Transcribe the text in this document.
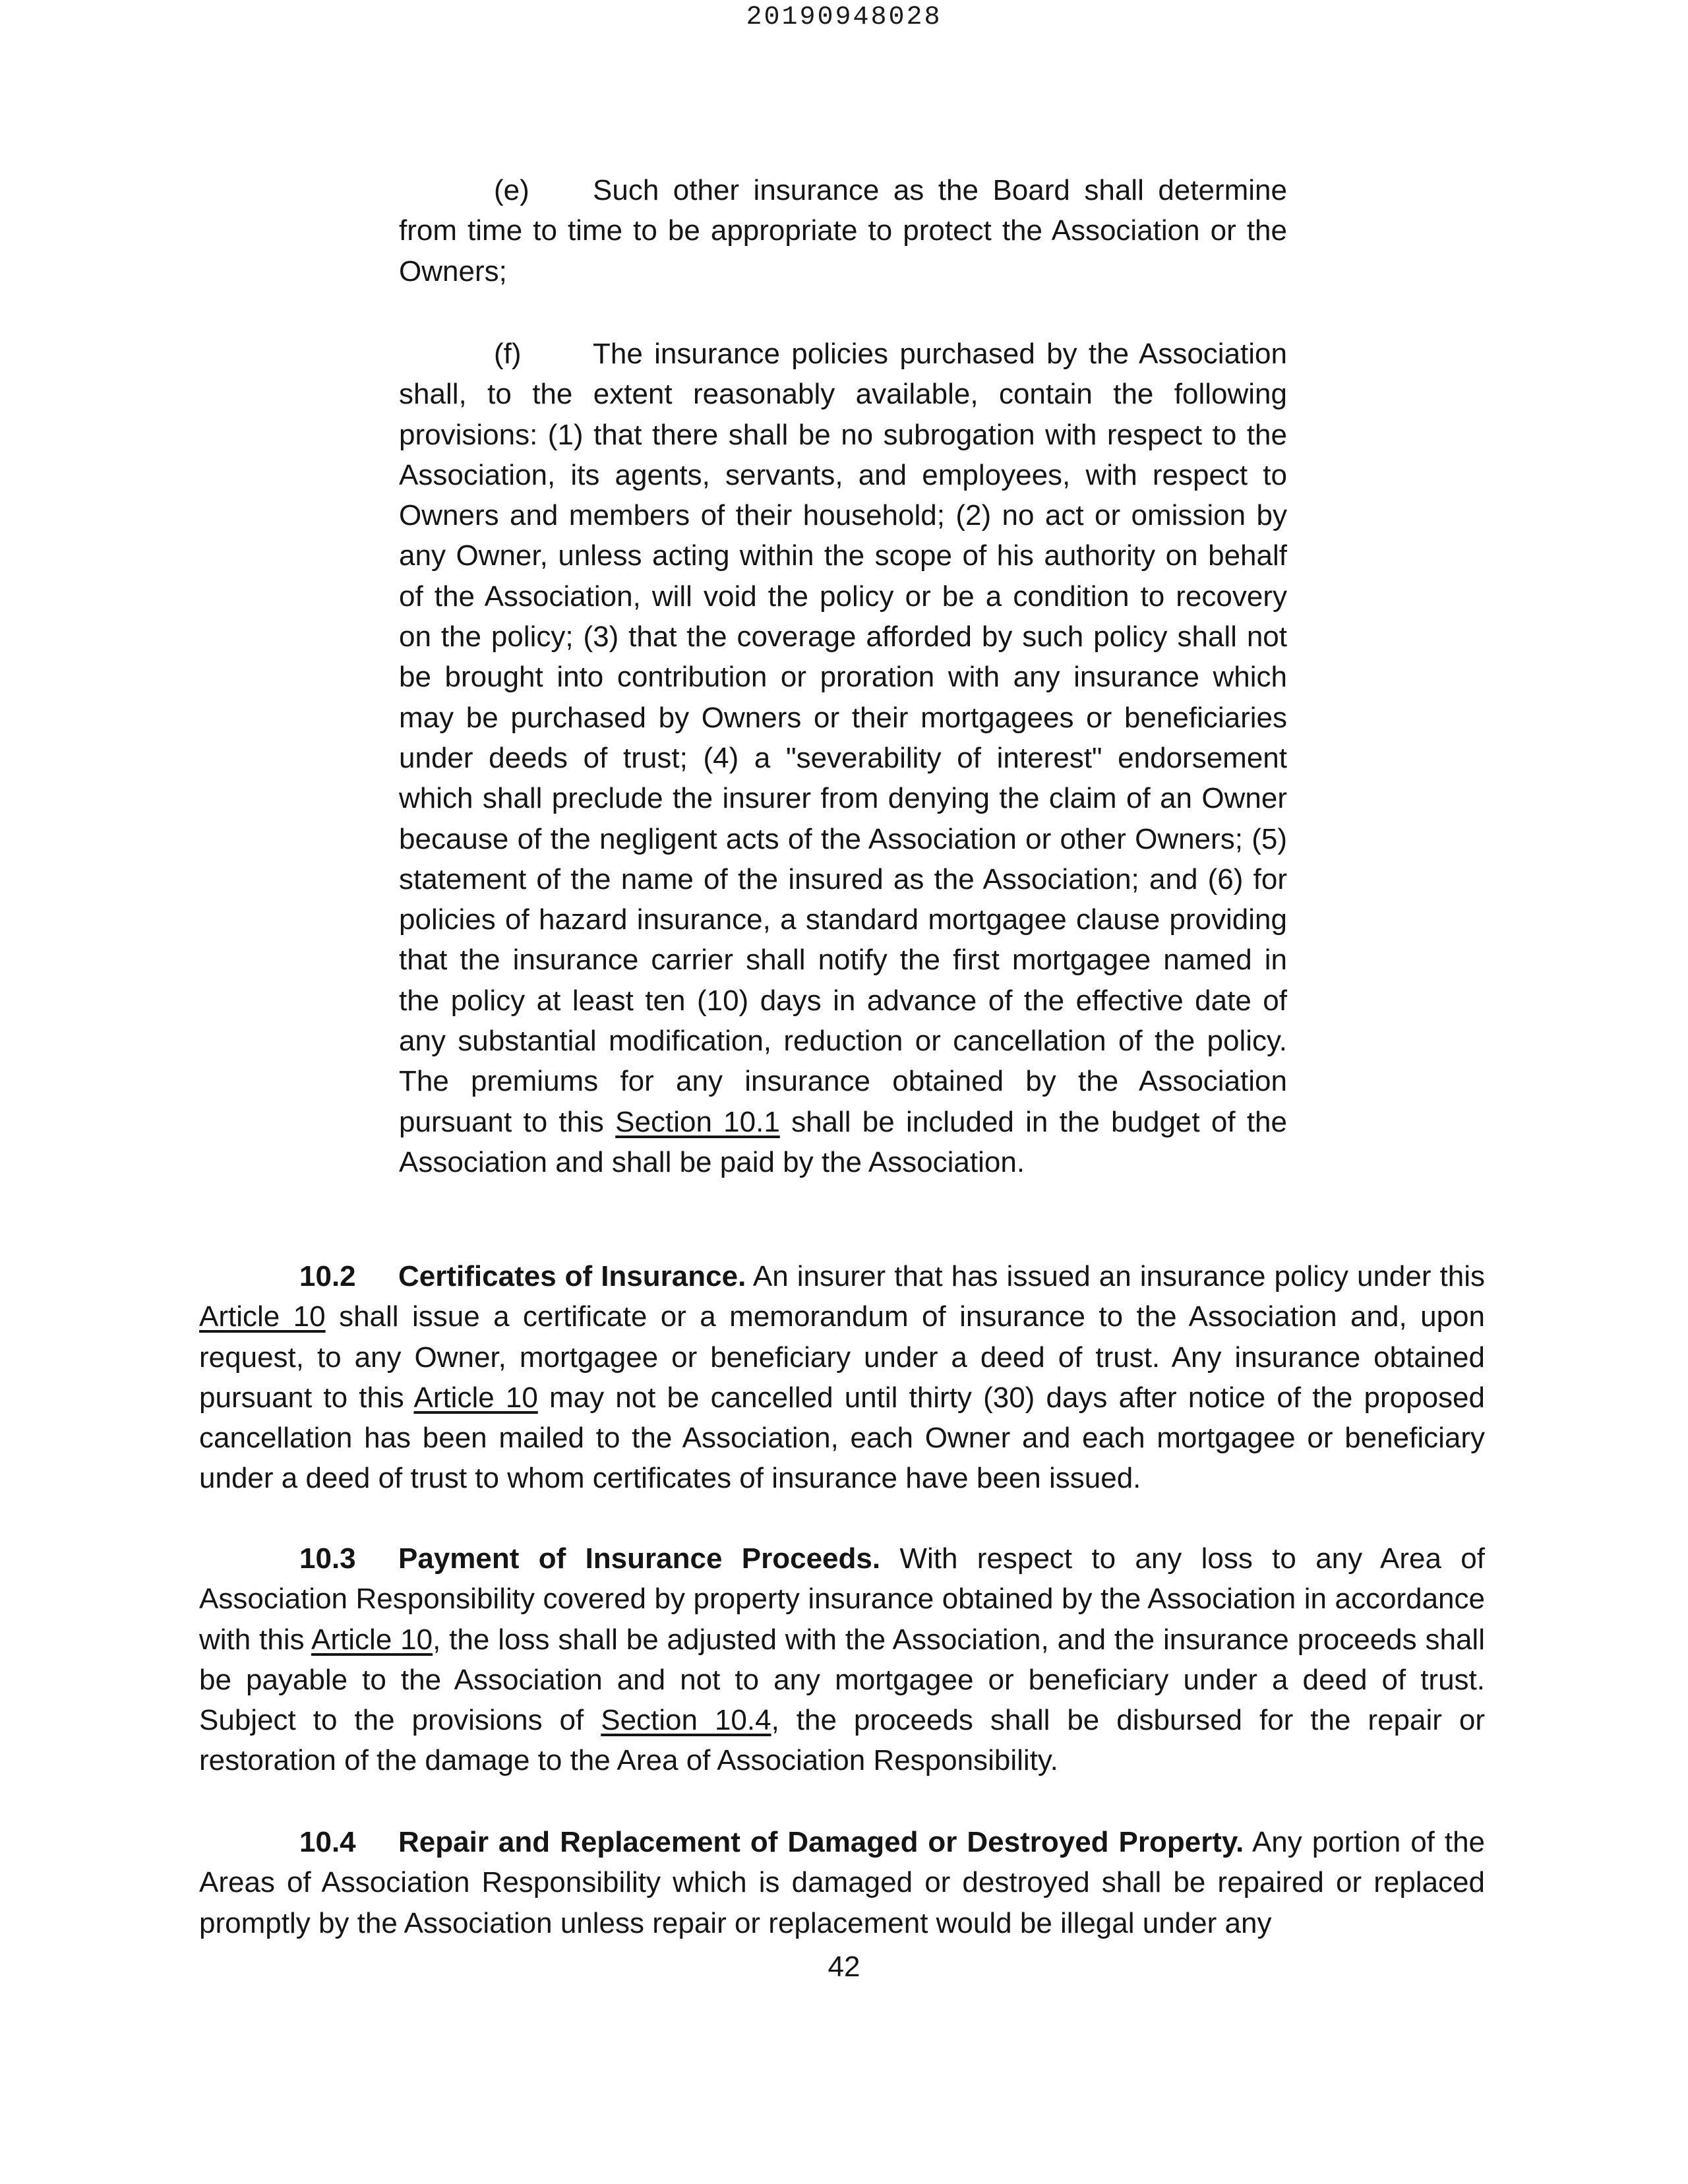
20190948028

(e) Such other insurance as the Board shall determine from time to time to be appropriate to protect the Association or the Owners;

(f) The insurance policies purchased by the Association shall, to the extent reasonably available, contain the following provisions: (1) that there shall be no subrogation with respect to the Association, its agents, servants, and employees, with respect to Owners and members of their household; (2) no act or omission by any Owner, unless acting within the scope of his authority on behalf of the Association, will void the policy or be a condition to recovery on the policy; (3) that the coverage afforded by such policy shall not be brought into contribution or proration with any insurance which may be purchased by Owners or their mortgagees or beneficiaries under deeds of trust; (4) a "severability of interest" endorsement which shall preclude the insurer from denying the claim of an Owner because of the negligent acts of the Association or other Owners; (5) statement of the name of the insured as the Association; and (6) for policies of hazard insurance, a standard mortgagee clause providing that the insurance carrier shall notify the first mortgagee named in the policy at least ten (10) days in advance of the effective date of any substantial modification, reduction or cancellation of the policy. The premiums for any insurance obtained by the Association pursuant to this Section 10.1 shall be included in the budget of the Association and shall be paid by the Association.

10.2 Certificates of Insurance. An insurer that has issued an insurance policy under this Article 10 shall issue a certificate or a memorandum of insurance to the Association and, upon request, to any Owner, mortgagee or beneficiary under a deed of trust. Any insurance obtained pursuant to this Article 10 may not be cancelled until thirty (30) days after notice of the proposed cancellation has been mailed to the Association, each Owner and each mortgagee or beneficiary under a deed of trust to whom certificates of insurance have been issued.

10.3 Payment of Insurance Proceeds. With respect to any loss to any Area of Association Responsibility covered by property insurance obtained by the Association in accordance with this Article 10, the loss shall be adjusted with the Association, and the insurance proceeds shall be payable to the Association and not to any mortgagee or beneficiary under a deed of trust. Subject to the provisions of Section 10.4, the proceeds shall be disbursed for the repair or restoration of the damage to the Area of Association Responsibility.

10.4 Repair and Replacement of Damaged or Destroyed Property. Any portion of the Areas of Association Responsibility which is damaged or destroyed shall be repaired or replaced promptly by the Association unless repair or replacement would be illegal under any

42
